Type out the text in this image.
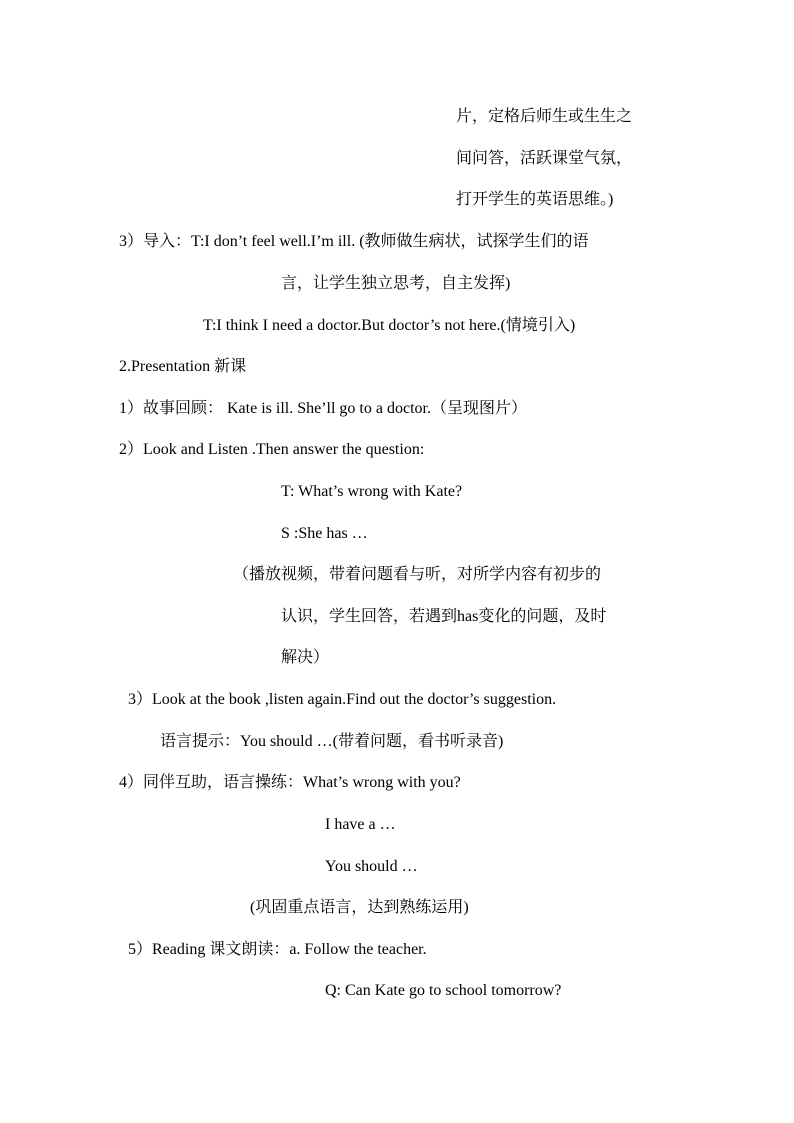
片，定格后师生或生生之
间问答，活跃课堂气氛，
打开学生的英语思维。)
3）导入：T:I don’t feel well.I’m ill. (教师做生病状，试探学生们的语
言，让学生独立思考，自主发挥)
T:I think I need a doctor.But doctor’s not here.(情境引入)
2.Presentation 新课
1）故事回顾： Kate is ill. She’ll go to a doctor.（呈现图片）
2）Look and Listen .Then answer the question:
T: What’s wrong with Kate?
S :She has …
（播放视频，带着问题看与听，对所学内容有初步的
认识，学生回答，若遇到has变化的问题，及时
解决）
3）Look at the book ,listen again.Find out the doctor’s suggestion.
语言提示：You should …(带着问题，看书听录音)
4）同伴互助，语言操练：What’s wrong with you?
I have a …
You should …
(巩固重点语言，达到熟练运用)
5）Reading 课文朗读：a. Follow the teacher.
Q: Can Kate go to school tomorrow?
